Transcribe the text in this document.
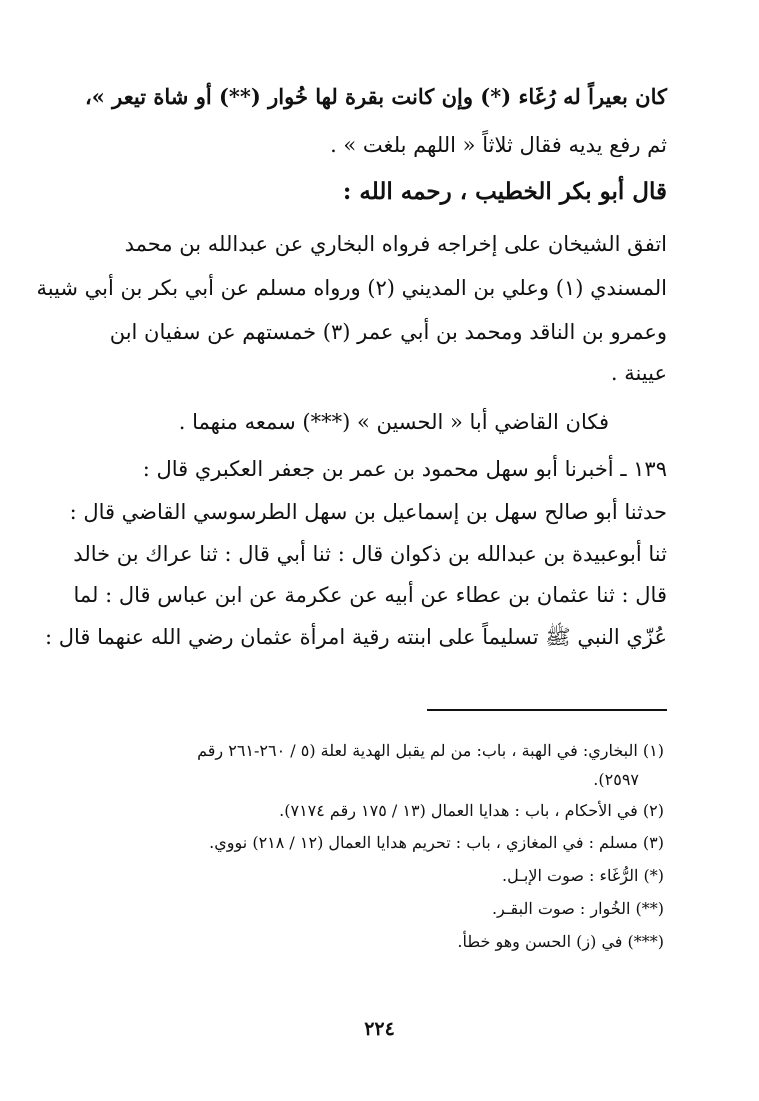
كان بعيراً له رُغَاء (*) وإن كانت بقرة لها خُوار (**) أو شاة تيعر »،
ثم رفع يديه فقال ثلاثاً « اللهم بلغت » .
قال أبو بكر الخطيب ، رحمه الله :
اتفق الشيخان على إخراجه فرواه البخاري عن عبدالله بن محمد
المسندي (١) وعلي بن المديني (٢) ورواه مسلم عن أبي بكر بن أبي شيبة
وعمرو بن الناقد ومحمد بن أبي عمر (٣) خمستهم عن سفيان ابن
عيينة .
فكان القاضي أبا « الحسين » (***) سمعه منهما .
١٣٩ ـ أخبرنا أبو سهل محمود بن عمر بن جعفر العكبري قال :
حدثنا أبو صالح سهل بن إسماعيل بن سهل الطرسوسي القاضي قال :
ثنا أبوعبيدة بن عبدالله بن ذكوان قال : ثنا أبي قال : ثنا عراك بن خالد
قال : ثنا عثمان بن عطاء عن أبيه عن عكرمة عن ابن عباس قال : لما
عُزّي النبي ﷺ تسليماً على ابنته رقية امرأة عثمان رضي الله عنهما قال :
(١) البخاري: في الهبة ، باب: من لم يقبل الهدية لعلة (٥ / ٢٦٠-٢٦١ رقم
٢٥٩٧).
(٢) في الأحكام ، باب : هدايا العمال (١٣ / ١٧٥ رقم ٧١٧٤).
(٣) مسلم : في المغازي ، باب : تحريم هدايا العمال (١٢ / ٢١٨) نووي.
(*) الرُّغَاء : صوت الإبـل.
(**) الخُوار : صوت البقـر.
(***) في (ز) الحسن وهو خطأ.
٢٢٤
